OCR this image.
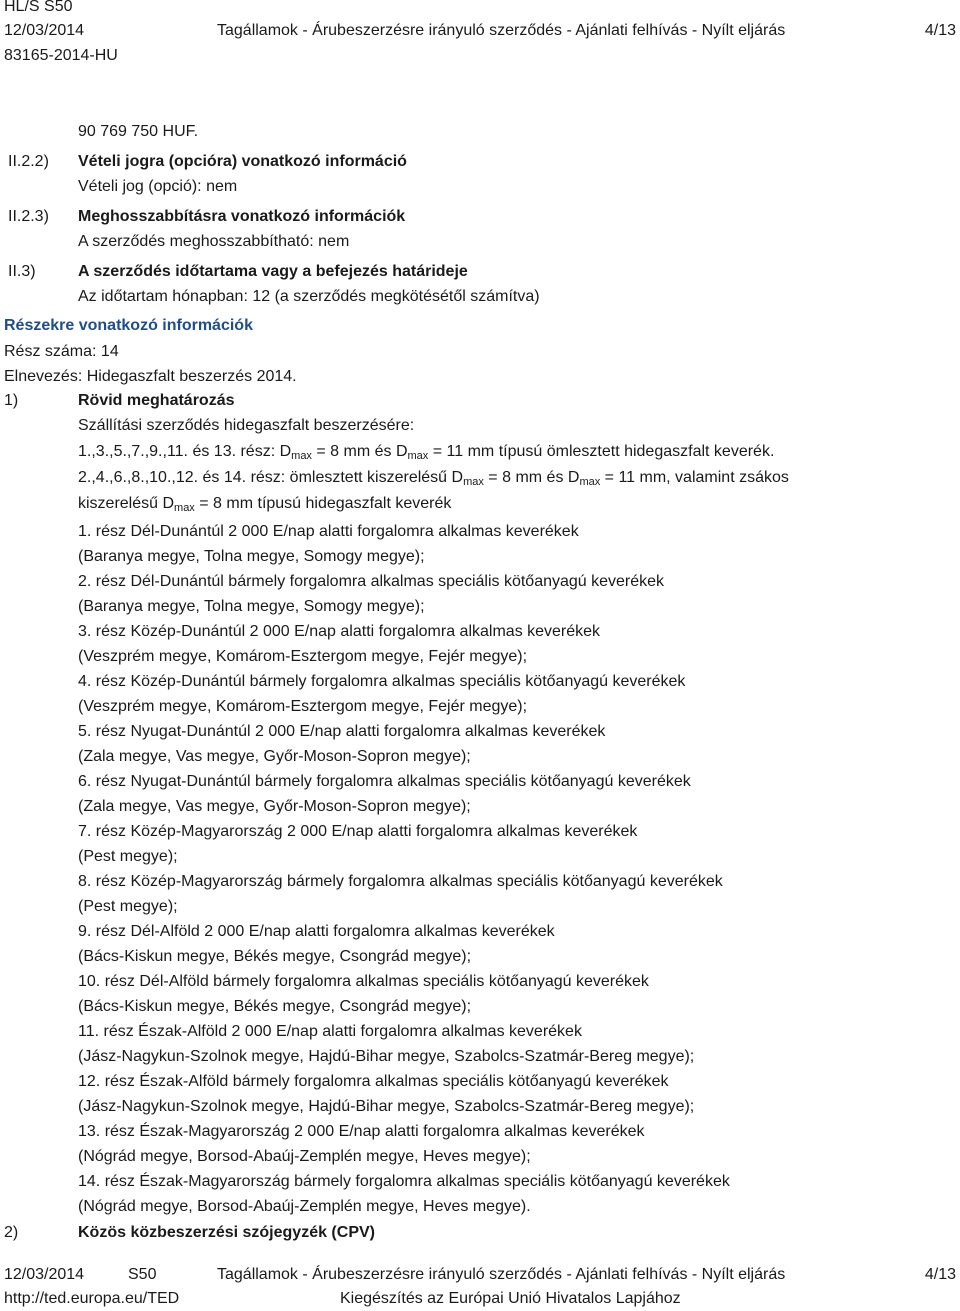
HL/S S50
12/03/2014	Tagállamok - Árubeszerzésre irányuló szerződés - Ajánlati felhívás - Nyílt eljárás	4/13
83165-2014-HU
90 769 750 HUF.
II.2.2) Vételi jogra (opcióra) vonatkozó információ
Vételi jog (opció): nem
II.2.3) Meghosszabbításra vonatkozó információk
A szerződés meghosszabbítható: nem
II.3)	A szerződés időtartama vagy a befejezés határideje
Az időtartam hónapban: 12 (a szerződés megkötésétől számítva)
Részekre vonatkozó információk
Rész száma: 14
Elnevezés: Hidegaszfalt beszerzés 2014.
1)	Rövid meghatározás
Szállítási szerződés hidegaszfalt beszerzésére:
1.,3.,5.,7.,9.,11. és 13. rész: $D_{max} = 8$ mm és $D_{max} = 11$ mm típusú ömlesztett hidegaszfalt keverék.
2.,4.,6.,8.,10.,12. és 14. rész: ömlesztett kiszerelésű $D_{max} = 8$ mm és $D_{max} = 11$ mm, valamint zsákos
kiszerelésű $D_{max} = 8$ mm típusú hidegaszfalt keverék
1. rész Dél-Dunántúl 2 000 E/nap alatti forgalomra alkalmas keverékek
(Baranya megye, Tolna megye, Somogy megye);
2. rész Dél-Dunántúl bármely forgalomra alkalmas speciális kötőanyagú keverékek
(Baranya megye, Tolna megye, Somogy megye);
3. rész Közép-Dunántúl 2 000 E/nap alatti forgalomra alkalmas keverékek
(Veszprém megye, Komárom-Esztergom megye, Fejér megye);
4. rész Közép-Dunántúl bármely forgalomra alkalmas speciális kötőanyagú keverékek
(Veszprém megye, Komárom-Esztergom megye, Fejér megye);
5. rész Nyugat-Dunántúl 2 000 E/nap alatti forgalomra alkalmas keverékek
(Zala megye, Vas megye, Győr-Moson-Sopron megye);
6. rész Nyugat-Dunántúl bármely forgalomra alkalmas speciális kötőanyagú keverékek
(Zala megye, Vas megye, Győr-Moson-Sopron megye);
7. rész Közép-Magyarország 2 000 E/nap alatti forgalomra alkalmas keverékek
(Pest megye);
8. rész Közép-Magyarország bármely forgalomra alkalmas speciális kötőanyagú keverékek
(Pest megye);
9. rész Dél-Alföld 2 000 E/nap alatti forgalomra alkalmas keverékek
(Bács-Kiskun megye, Békés megye, Csongrád megye);
10. rész Dél-Alföld bármely forgalomra alkalmas speciális kötőanyagú keverékek
(Bács-Kiskun megye, Békés megye, Csongrád megye);
11. rész Észak-Alföld 2 000 E/nap alatti forgalomra alkalmas keverékek
(Jász-Nagykun-Szolnok megye, Hajdú-Bihar megye, Szabolcs-Szatmár-Bereg megye);
12. rész Észak-Alföld bármely forgalomra alkalmas speciális kötőanyagú keverékek
(Jász-Nagykun-Szolnok megye, Hajdú-Bihar megye, Szabolcs-Szatmár-Bereg megye);
13. rész Észak-Magyarország 2 000 E/nap alatti forgalomra alkalmas keverékek
(Nógrád megye, Borsod-Abaúj-Zemplén megye, Heves megye);
14. rész Észak-Magyarország bármely forgalomra alkalmas speciális kötőanyagú keverékek
(Nógrád megye, Borsod-Abaúj-Zemplén megye, Heves megye).
2)	Közös közbeszerzési szójegyzék (CPV)
12/03/2014	S50	Tagállamok - Árubeszerzésre irányuló szerződés - Ajánlati felhívás - Nyílt eljárás	4/13
http://ted.europa.eu/TED	Kiegészítés az Európai Unió Hivatalos Lapjához
